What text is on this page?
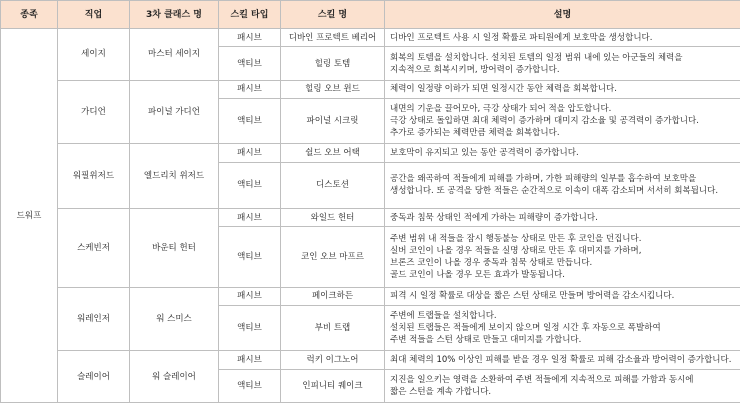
종족	직업	3차 클래스 명	스킬 타입	스킬 명	설명
드워프	세이지	마스터 세이지	패시브	디바인 프로텍트 베리어	디바인 프로텍트 사용 시 일정 확률로 파티원에게 보호막을 생성합니다.

			액티브	힐링 토템	회복의 토템을 설치합니다. 설치된 토템의 일정 범위 내에 있는 아군들의 체력을
지속적으로 회복시키며, 방어력이 증가합니다.

	가디언	파이널 가디언	패시브	힐링 오브 윈드	체력이 일정량 이하가 되면 일정시간 동안 체력을 회복합니다.

			액티브	파이널 시크릿	내면의 기운을 끌어모아, 극강 상태가 되어 적을 압도합니다.
극강 상태로 돌입하면 최대 체력이 증가하며 대미지 감소율 및 공격력이 증가합니다.
추가로 증가되는 체력만큼 체력을 회복합니다.

	워필위저드	엘드리치 위저드	패시브	쉴드 오브 어택	보호막이 유지되고 있는 동안 공격력이 증가합니다.

			액티브	디스토션	공간을 왜곡하여 적들에게 피해를 가하며, 가한 피해량의 일부를 흡수하여 보호막을
생성합니다. 또 공격을 당한 적들은 순간적으로 이속이 대폭 감소되며 서서히 회복됩니다.

	스케빈저	바운티 헌터	패시브	와일드 헌터	중독과 침묵 상태인 적에게 가하는 피해량이 증가합니다.

			액티브	코인 오브 마프르	주변 범위 내 적들을 잠시 행동불능 상태로 만든 후 코인을 던집니다.
실버 코인이 나올 경우 적들을 실명 상태로 만든 후 대미지를 가하며,
브론즈 코인이 나올 경우 중독과 침묵 상태로 만듭니다.
골드 코인이 나올 경우 모든 효과가 발동됩니다.

	워레인저	워 스미스	패시브	페이크하든	피격 시 일정 확률로 대상을 짧은 스턴 상태로 만들며 방어력을 감소시킵니다.

			액티브	부비 트랩	주변에 트랩들을 설치합니다.
설치된 트랩들은 적들에게 보이지 않으며 일정 시간 후 자동으로 폭발하여
주변 적들을 스턴 상태로 만들고 대미지를 가합니다.

	슬레이어	워 슬레이어	패시브	럭키 이그노어	최대 체력의 10% 이상인 피해를 받을 경우 일정 확률로 피해 감소율과 방어력이 증가합니다.

			액티브	인피니티 퀘이크	지진을 일으키는 영력을 소환하여 주변 적들에게 지속적으로 피해를 가함과 동시에
짧은 스턴을 계속 가합니다.
